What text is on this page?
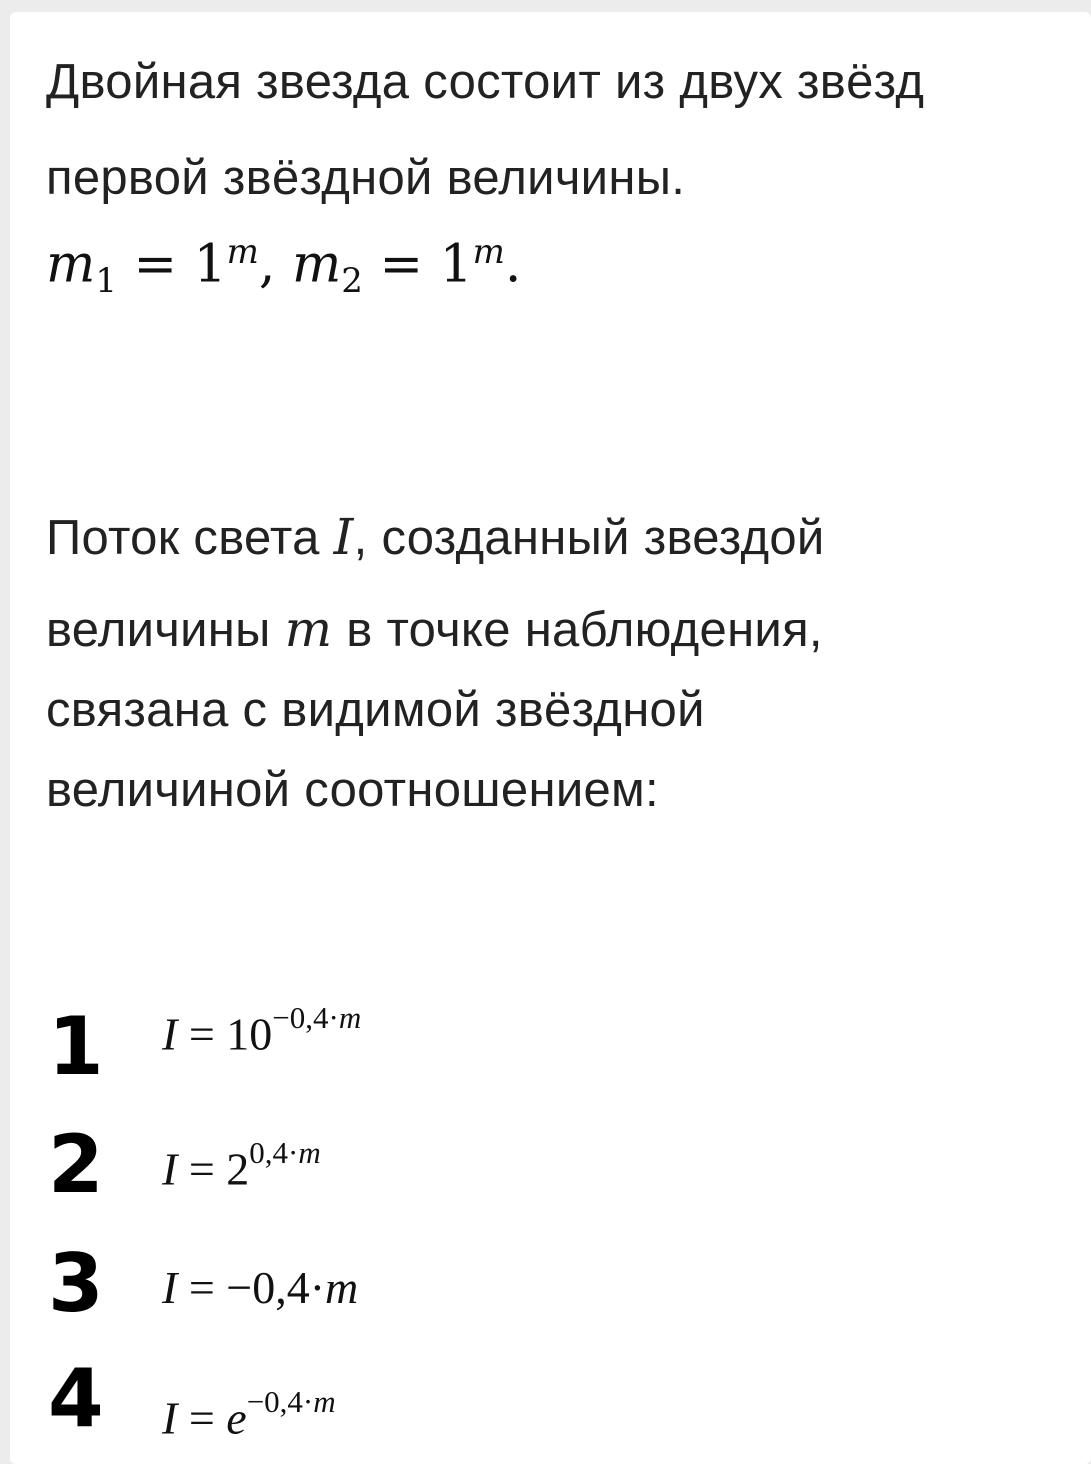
Двойная звезда состоит из двух звёзд
первой звёздной величины.
$m_1 = 1^m$, $m_2 = 1^m$.
Поток света I, созданный звездой
величины m в точке наблюдения,
связана с видимой звёздной
величиной соотношением:
1	$I = 10^{-0,4\cdot m}$
2	$I = 2^{0,4\cdot m}$
3	I = −0,4·m
4	$I = e^{-0,4\cdot m}$
